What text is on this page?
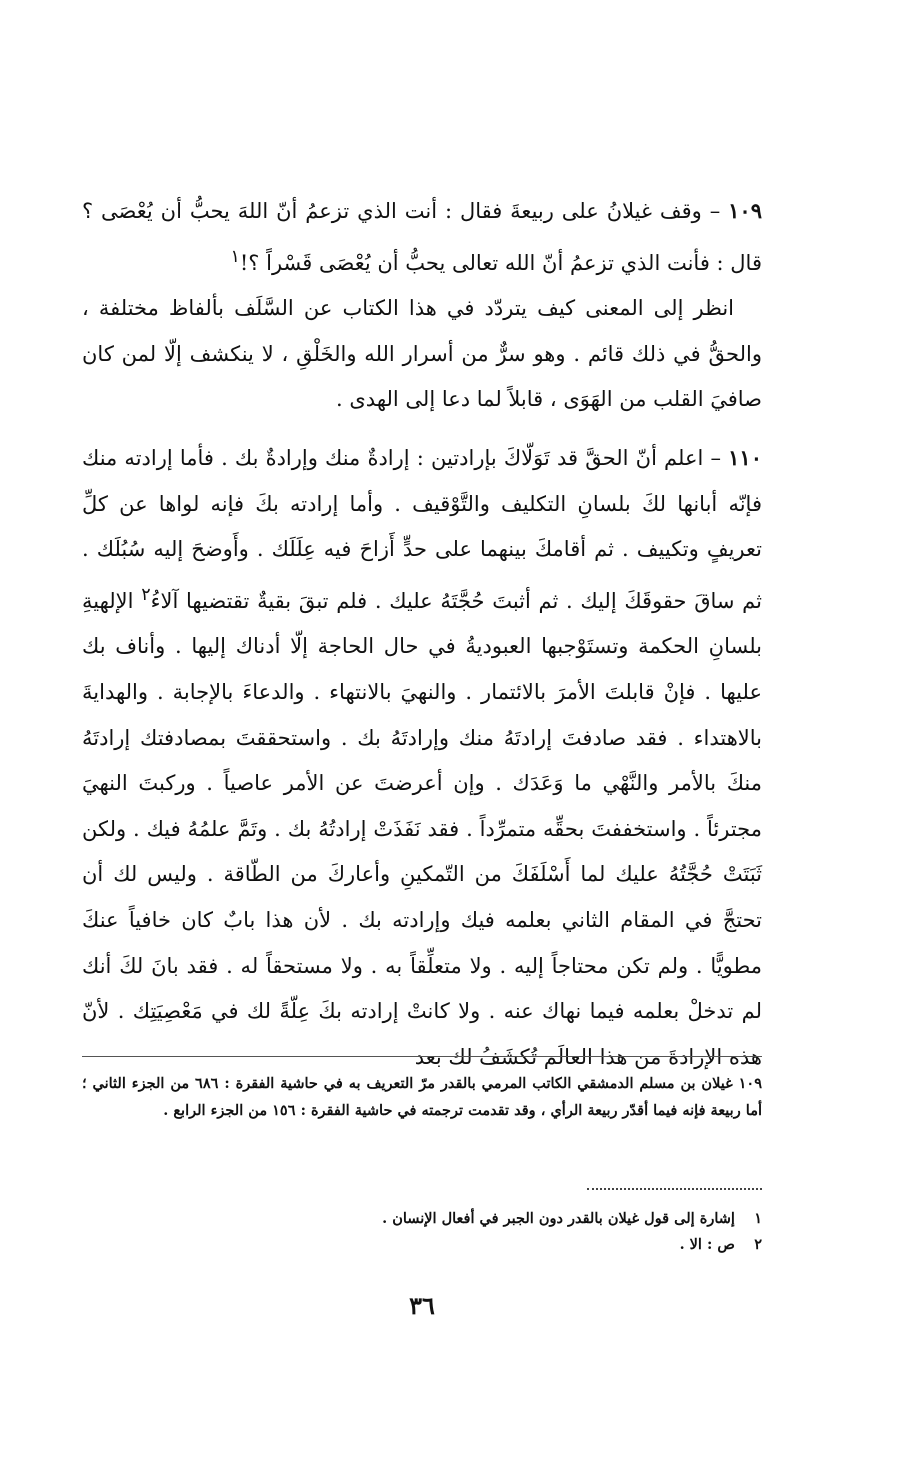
١٠٩ – وقف غيلانُ على ربيعةَ فقال : أنت الذي تزعمُ أنّ اللهَ يحبُّ أن يُعْصَى ؟ قال : فأنت الذي تزعمُ أنّ الله تعالى يحبُّ أن يُعْصَى قَسْراً ؟!$^١$

انظر إلى المعنى كيف يتردّد في هذا الكتاب عن السَّلَف بألفاظ مختلفة ، والحقُّ في ذلك قائم . وهو سرٌّ من أسرار الله والخَلْقِ ، لا ينكشف إلّا لمن كان صافيَ القلب من الهَوَى ، قابلاً لما دعا إلى الهدى .

١١٠ – اعلم أنّ الحقَّ قد تَوَلّاكَ بإرادتين : إرادةٌ منك وإرادةٌ بك . فأما إرادته منك فإنّه أبانها لكَ بلسانِ التكليف والتَّوْقيف . وأما إرادته بكَ فإنه لواها عن كلِّ تعريفٍ وتكييف . ثم أقامكَ بينهما على حدٍّ أَزاحَ فيه عِلَلَك . وأَوضحَ إليه سُبُلَك . ثم ساقَ حقوقَكَ إليك . ثم أثبتَ حُجَّتَهُ عليك . فلم تبقَ بقيةٌ تقتضيها آلاءُ$^٢$ الإلهيةِ بلسانِ الحكمة وتستَوْجبها العبوديةُ في حال الحاجة إلّا أدناك إليها . وأناف بك عليها . فإنْ قابلتَ الأمرَ بالائتمار . والنهيَ بالانتهاء . والدعاءَ بالإجابة . والهدايةَ بالاهتداء . فقد صادفتَ إرادتَهُ منك وإرادتَهُ بك . واستحققتَ بمصادفتك إرادتَهُ منكَ بالأمر والنَّهْي ما وَعَدَك . وإن أعرضتَ عن الأمر عاصياً . وركبتَ النهيَ مجترئاً . واستخففتَ بحقِّه متمرِّداً . فقد نَفَذَتْ إرادتُهُ بك . وتَمَّ علمُهُ فيك . ولكن ثَبَتَتْ حُجَّتُهُ عليك لما أَسْلَفَكَ من التّمكينِ وأعاركَ من الطّاقة . وليس لك أن تحتجَّ في المقام الثاني بعلمه فيك وإرادته بك . لأن هذا بابٌ كان خافياً عنكَ مطويًّا . ولم تكن محتاجاً إليه . ولا متعلِّقاً به . ولا مستحقاً له . فقد بانَ لكَ أنك لم تدخلْ بعلمه فيما نهاك عنه . ولا كانتْ إرادته بكَ عِلّةً لك في مَعْصِيَتِك . لأنّ هذه الإرادةَ من هذا العالَم تُكشَفُ لك بعد

١٠٩ غيلان بن مسلم الدمشقي الكاتب المرمي بالقدر مرّ التعريف به في حاشية الفقرة : ٦٨٦ من الجزء الثاني ؛ أما ربيعة فإنه فيما أقدّر ربيعة الرأي ، وقد تقدمت ترجمته في حاشية الفقرة : ١٥٦ من الجزء الرابع .

١ إشارة إلى قول غيلان بالقدر دون الجبر في أفعال الإنسان .

٢ ص : الا .

٣٦
